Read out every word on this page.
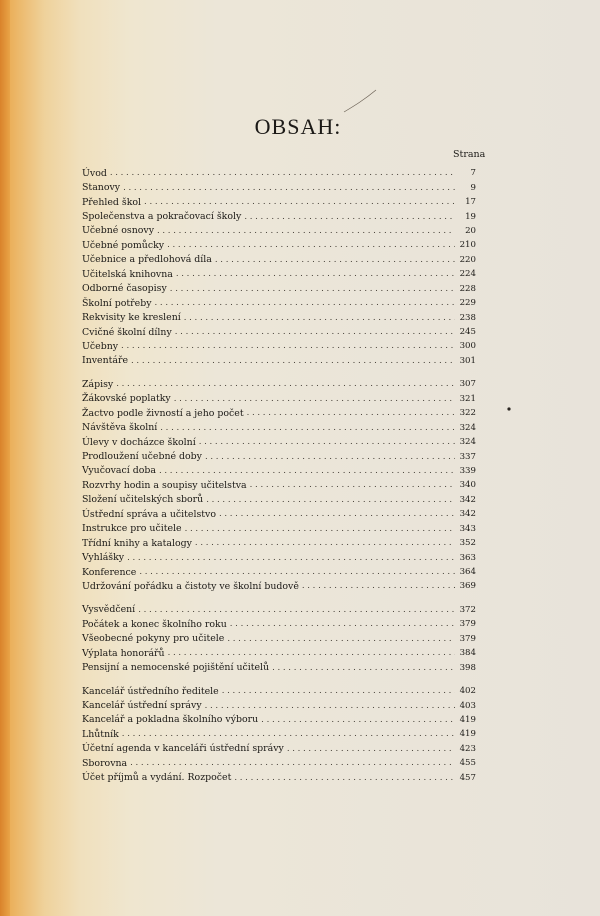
OBSAH:
Strana
Úvod . . .	7
Stanovy . . .	9
Přehled škol . . .	17
Společenstva a pokračovací školy . . .	19
Učebné osnovy . . .	20
Učebné pomůcky . . .	210
Učebnice a předlohová díla . . .	220
Učitelská knihovna . . .	224
Odborné časopisy . . .	228
Školní potřeby . . .	229
Rekvisity ke kreslení . . .	238
Cvičné školní dílny . . .	245
Učebny . . .	300
Inventáře . . .	301
Zápisy . . .	307
Žákovské poplatky . . .	321
Žactvo podle živností a jeho počet . . .	322
Návštěva školní . . .	324
Úlevy v docházce školní . . .	324
Prodloužení učebné doby . . .	337
Vyučovací doba . . .	339
Rozvrhy hodin a soupisy učitelstva . . .	340
Složení učitelských sborů . . .	342
Ústřední správa a učitelstvo . . .	342
Instrukce pro učitele . . .	343
Třídní knihy a katalogy . . .	352
Vyhlášky . . .	363
Konference . . .	364
Udržování pořádku a čistoty ve školní budově . . .	369
Vysvědčení . . .	372
Počátek a konec školního roku . . .	379
Všeobecné pokyny pro učitele . . .	379
Výplata honorářů . . .	384
Pensijní a nemocenské pojištění učitelů . . .	398
Kancelář ústředního ředitele . . .	402
Kancelář ústřední správy . . .	403
Kancelář a pokladna školního výboru . . .	419
Lhůtník . . .	419
Účetní agenda v kanceláři ústřední správy . . .	423
Sborovna . . .	455
Účet příjmů a vydání. Rozpočet . . .	457
